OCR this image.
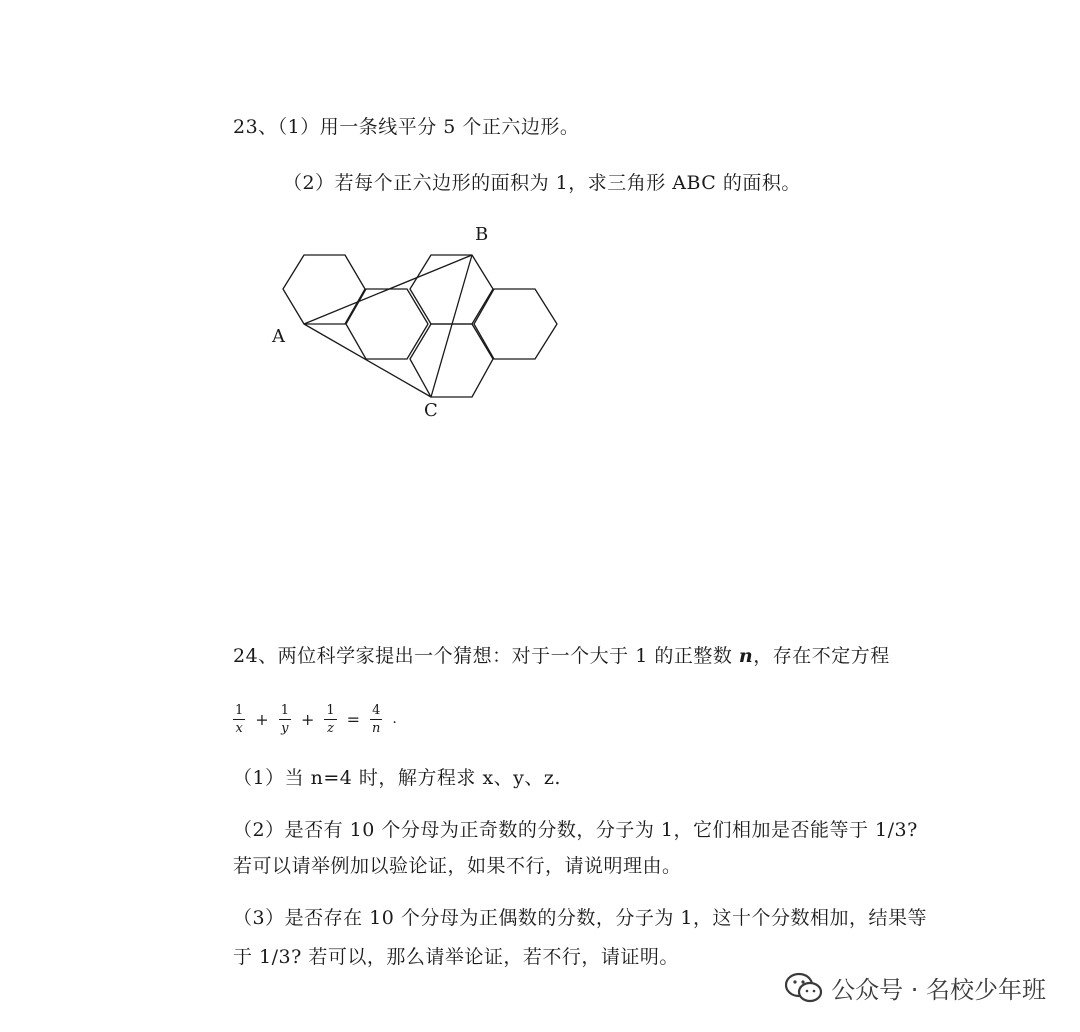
23、（1）用一条线平分 5 个正六边形。
（2）若每个正六边形的面积为 1，求三角形 ABC 的面积。
B
A
C
24、两位科学家提出一个猜想：对于一个大于 1 的正整数 n，存在不定方程
$\frac{1}{x} + \frac{1}{y} + \frac{1}{z} = \frac{4}{n}$ .
（1）当 n=4 时，解方程求 x、y、z.
（2）是否有 10 个分母为正奇数的分数，分子为 1，它们相加是否能等于 1/3?
若可以请举例加以验论证，如果不行，请说明理由。
（3）是否存在 10 个分母为正偶数的分数，分子为 1，这十个分数相加，结果等
于 1/3? 若可以，那么请举论证，若不行，请证明。
公众号 · 名校少年班
